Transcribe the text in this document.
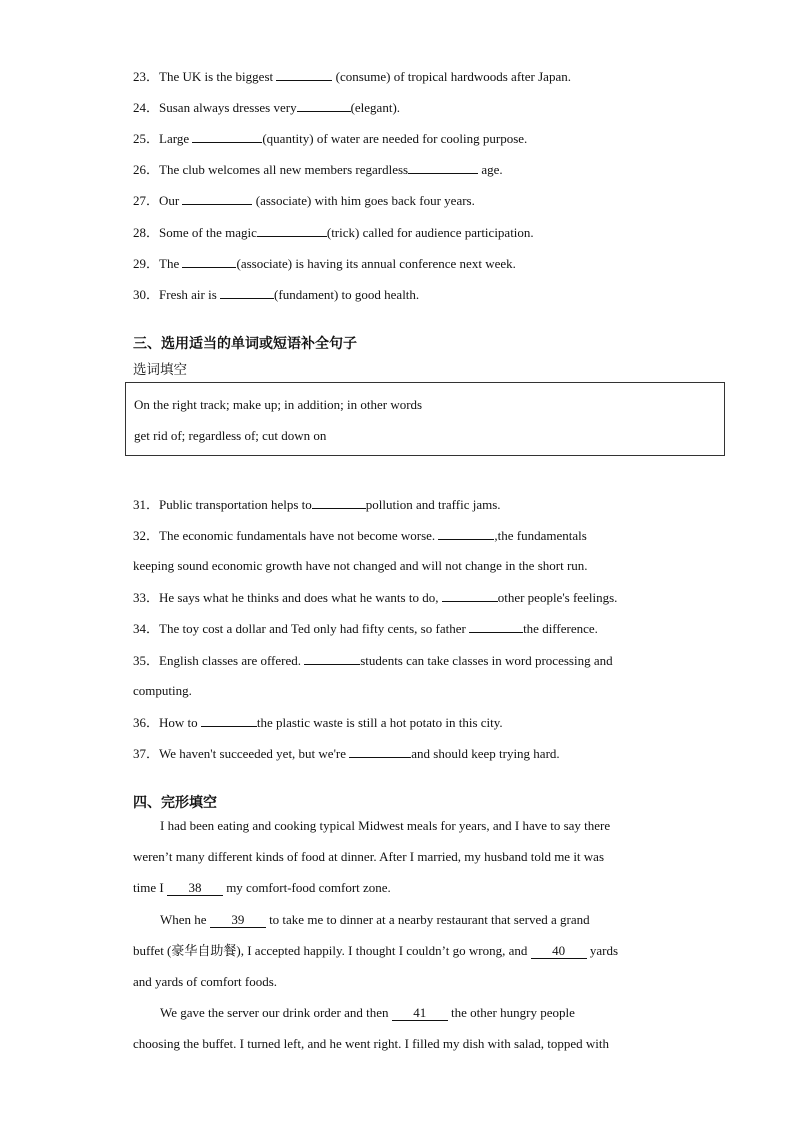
23．The UK is the biggest	(consume) of tropical hardwoods after Japan.
24．Susan always dresses very	(elegant).
25．Large	(quantity) of water are needed for cooling purpose.
26．The club welcomes all new members regardless	age.
27．Our	(associate) with him goes back four years.
28．Some of the magic	(trick) called for audience participation.
29．The	(associate) is having its annual conference next week.
30．Fresh air is	(fundament) to good health.
三、选用适当的单词或短语补全句子
选词填空
On the right track; make up; in addition; in other words
get rid of; regardless of; cut down on
31．Public transportation helps to	pollution and traffic jams.
32．The economic fundamentals have not become worse.	,the fundamentals
keeping sound economic growth have not changed and will not change in the short run.
33．He says what he thinks and does what he wants to do,	other people's feelings.
34．The toy cost a dollar and Ted only had fifty cents, so father	the difference.
35．English classes are offered.	students can take classes in word processing and
computing.
36．How to	the plastic waste is still a hot potato in this city.
37．We haven't succeeded yet, but we're	and should keep trying hard.
四、完形填空
I had been eating and cooking typical Midwest meals for years, and I have to say there
weren’t many different kinds of food at dinner. After I married, my husband told me it was
time I 38 my comfort-food comfort zone.
When he 39 to take me to dinner at a nearby restaurant that served a grand
buffet (豪华自助餐), I accepted happily. I thought I couldn’t go wrong, and 40 yards
and yards of comfort foods.
We gave the server our drink order and then 41 the other hungry people
choosing the buffet. I turned left, and he went right. I filled my dish with salad, topped with
